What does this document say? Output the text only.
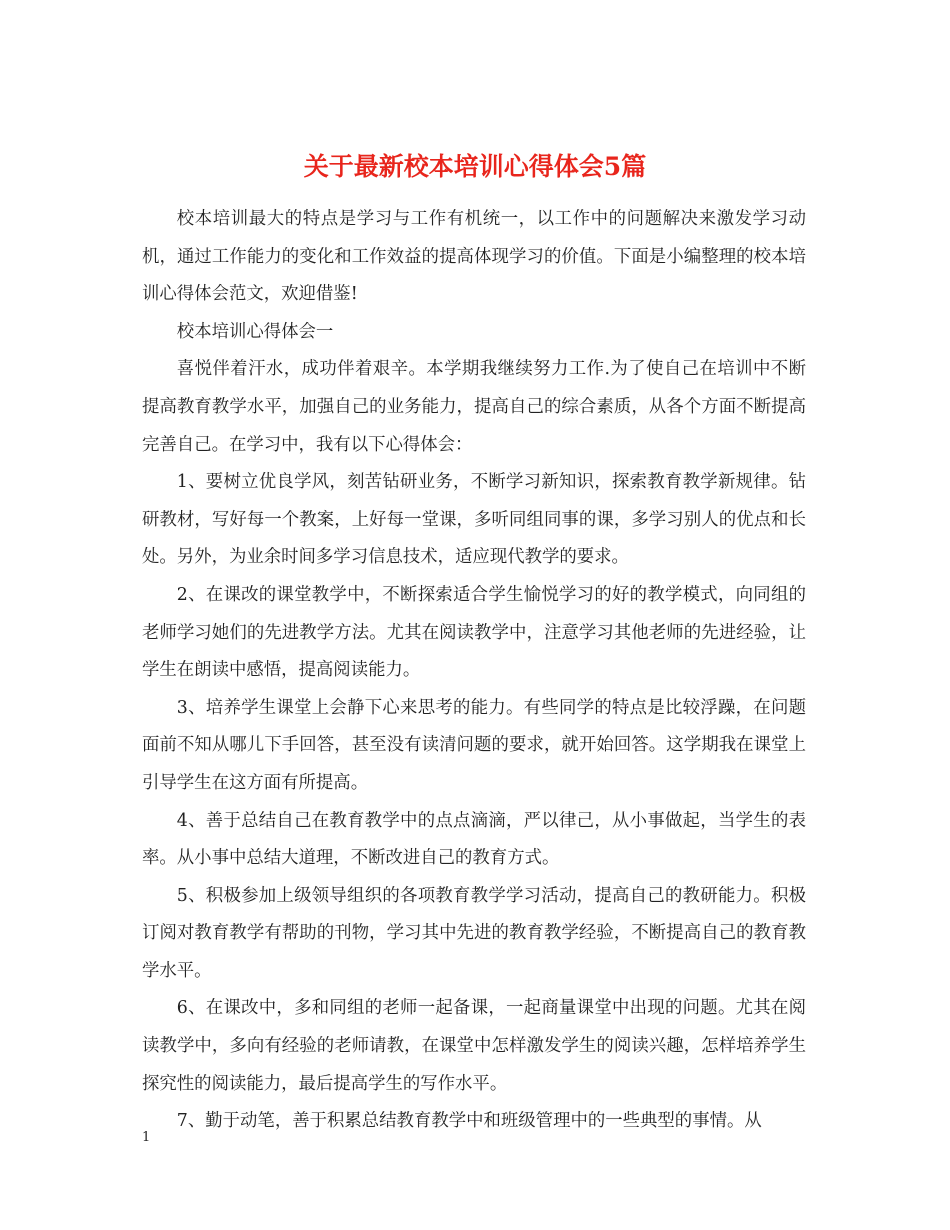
关于最新校本培训心得体会5篇

校本培训最大的特点是学习与工作有机统一，以工作中的问题解决来激发学习动机，通过工作能力的变化和工作效益的提高体现学习的价值。下面是小编整理的校本培训心得体会范文，欢迎借鉴!

校本培训心得体会一

喜悦伴着汗水，成功伴着艰辛。本学期我继续努力工作.为了使自己在培训中不断提高教育教学水平，加强自己的业务能力，提高自己的综合素质，从各个方面不断提高完善自己。在学习中，我有以下心得体会：

1、要树立优良学风，刻苦钻研业务，不断学习新知识，探索教育教学新规律。钻研教材，写好每一个教案，上好每一堂课，多听同组同事的课，多学习别人的优点和长处。另外，为业余时间多学习信息技术，适应现代教学的要求。

2、在课改的课堂教学中，不断探索适合学生愉悦学习的好的教学模式，向同组的老师学习她们的先进教学方法。尤其在阅读教学中，注意学习其他老师的先进经验，让学生在朗读中感悟，提高阅读能力。

3、培养学生课堂上会静下心来思考的能力。有些同学的特点是比较浮躁，在问题面前不知从哪儿下手回答，甚至没有读清问题的要求，就开始回答。这学期我在课堂上引导学生在这方面有所提高。

4、善于总结自己在教育教学中的点点滴滴，严以律己，从小事做起，当学生的表率。从小事中总结大道理，不断改进自己的教育方式。

5、积极参加上级领导组织的各项教育教学学习活动，提高自己的教研能力。积极订阅对教育教学有帮助的刊物，学习其中先进的教育教学经验，不断提高自己的教育教学水平。

6、在课改中，多和同组的老师一起备课，一起商量课堂中出现的问题。尤其在阅读教学中，多向有经验的老师请教，在课堂中怎样激发学生的阅读兴趣，怎样培养学生探究性的阅读能力，最后提高学生的写作水平。

7、勤于动笔，善于积累总结教育教学中和班级管理中的一些典型的事情。从

1
